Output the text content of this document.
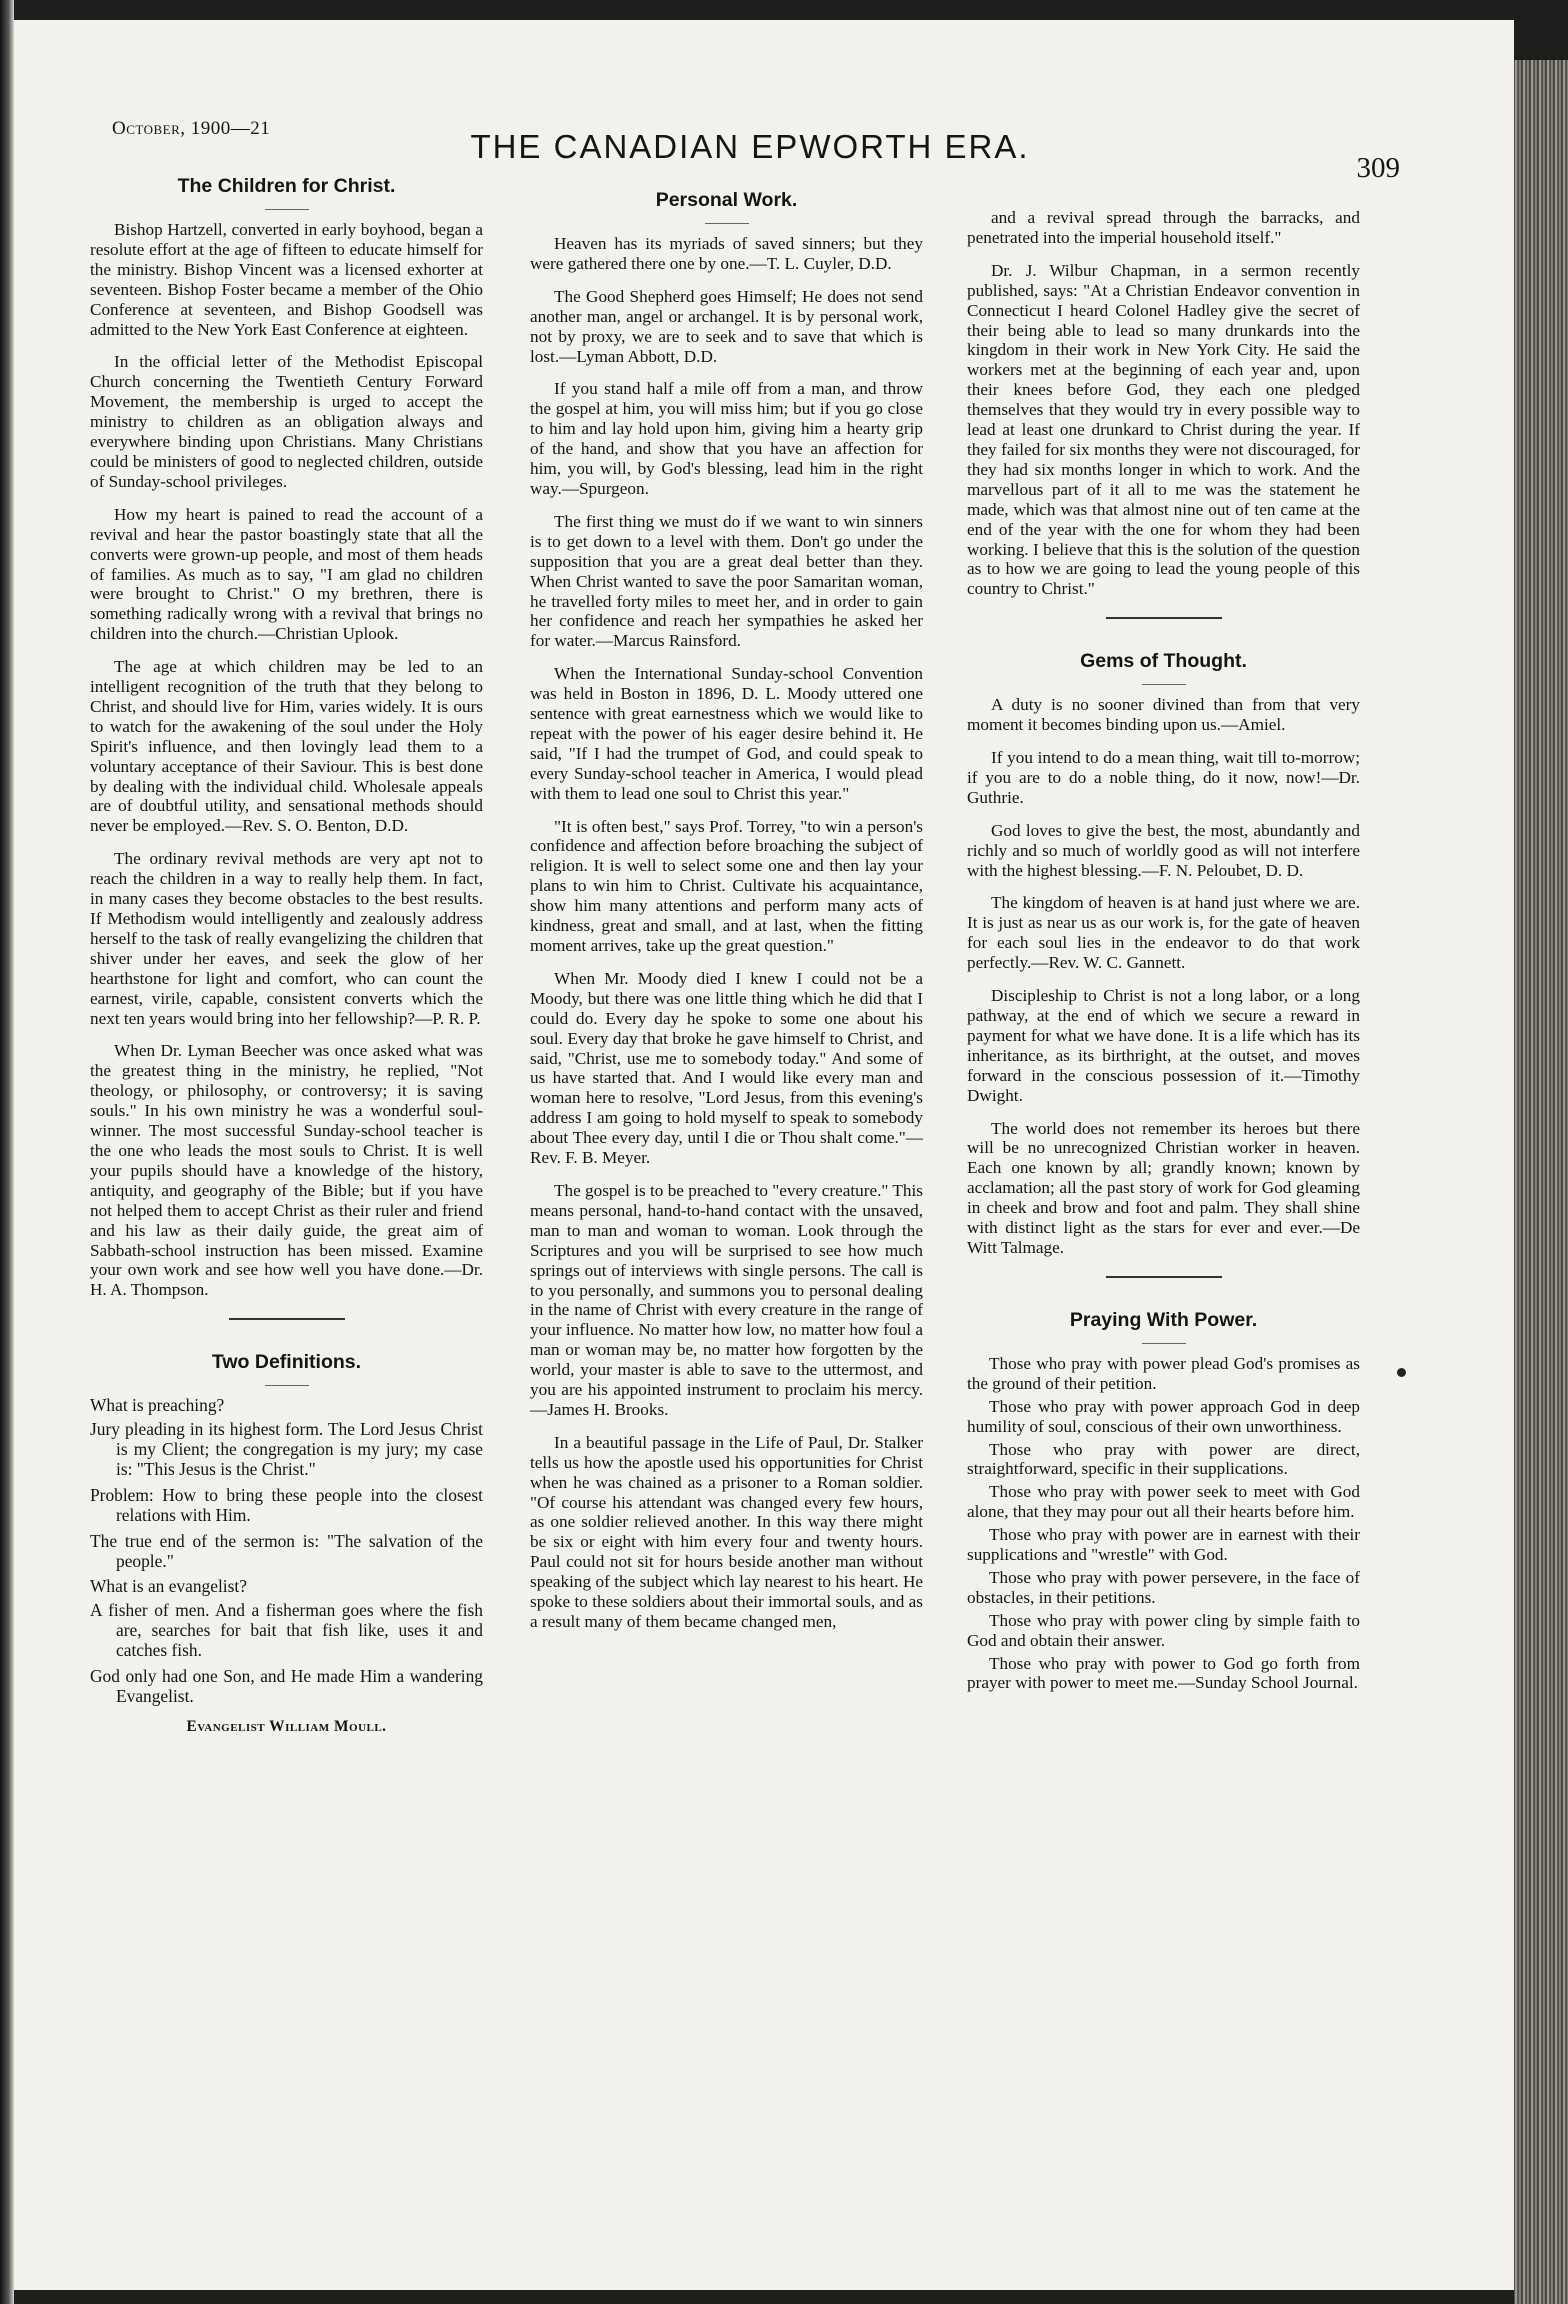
October, 1900—21	THE CANADIAN EPWORTH ERA.
309
The Children for Christ.

Bishop Hartzell, converted in early boyhood, began a resolute effort at the age of fifteen to educate himself for the ministry. Bishop Vincent was a licensed exhorter at seventeen. Bishop Foster became a member of the Ohio Conference at seventeen, and Bishop Goodsell was admitted to the New York East Conference at eighteen.

In the official letter of the Methodist Episcopal Church concerning the Twentieth Century Forward Movement, the membership is urged to accept the ministry to children as an obligation always and everywhere binding upon Christians. Many Christians could be ministers of good to neglected children, outside of Sunday-school privileges.

How my heart is pained to read the account of a revival and hear the pastor boastingly state that all the converts were grown-up people, and most of them heads of families. As much as to say, "I am glad no children were brought to Christ." O my brethren, there is something radically wrong with a revival that brings no children into the church.—Christian Uplook.

The age at which children may be led to an intelligent recognition of the truth that they belong to Christ, and should live for Him, varies widely. It is ours to watch for the awakening of the soul under the Holy Spirit's influence, and then lovingly lead them to a voluntary acceptance of their Saviour. This is best done by dealing with the individual child. Wholesale appeals are of doubtful utility, and sensational methods should never be employed.—Rev. S. O. Benton, D.D.

The ordinary revival methods are very apt not to reach the children in a way to really help them. In fact, in many cases they become obstacles to the best results. If Methodism would intelligently and zealously address herself to the task of really evangelizing the children that shiver under her eaves, and seek the glow of her hearthstone for light and comfort, who can count the earnest, virile, capable, consistent converts which the next ten years would bring into her fellowship?—P. R. P.

When Dr. Lyman Beecher was once asked what was the greatest thing in the ministry, he replied, "Not theology, or philosophy, or controversy; it is saving souls." In his own ministry he was a wonderful soul-winner. The most successful Sunday-school teacher is the one who leads the most souls to Christ. It is well your pupils should have a knowledge of the history, antiquity, and geography of the Bible; but if you have not helped them to accept Christ as their ruler and friend and his law as their daily guide, the great aim of Sabbath-school instruction has been missed. Examine your own work and see how well you have done.—Dr. H. A. Thompson.

Two Definitions.

What is preaching?

Jury pleading in its highest form. The Lord Jesus Christ is my Client; the congregation is my jury; my case is: "This Jesus is the Christ."

Problem: How to bring these people into the closest relations with Him.

The true end of the sermon is: "The salvation of the people."

What is an evangelist?

A fisher of men. And a fisherman goes where the fish are, searches for bait that fish like, uses it and catches fish.

God only had one Son, and He made Him a wandering Evangelist.

Evangelist William Moull.
Personal Work.

Heaven has its myriads of saved sinners; but they were gathered there one by one.—T. L. Cuyler, D.D.

The Good Shepherd goes Himself; He does not send another man, angel or archangel. It is by personal work, not by proxy, we are to seek and to save that which is lost.—Lyman Abbott, D.D.

If you stand half a mile off from a man, and throw the gospel at him, you will miss him; but if you go close to him and lay hold upon him, giving him a hearty grip of the hand, and show that you have an affection for him, you will, by God's blessing, lead him in the right way.—Spurgeon.

The first thing we must do if we want to win sinners is to get down to a level with them. Don't go under the supposition that you are a great deal better than they. When Christ wanted to save the poor Samaritan woman, he travelled forty miles to meet her, and in order to gain her confidence and reach her sympathies he asked her for water.—Marcus Rainsford.

When the International Sunday-school Convention was held in Boston in 1896, D. L. Moody uttered one sentence with great earnestness which we would like to repeat with the power of his eager desire behind it. He said, "If I had the trumpet of God, and could speak to every Sunday-school teacher in America, I would plead with them to lead one soul to Christ this year."

"It is often best," says Prof. Torrey, "to win a person's confidence and affection before broaching the subject of religion. It is well to select some one and then lay your plans to win him to Christ. Cultivate his acquaintance, show him many attentions and perform many acts of kindness, great and small, and at last, when the fitting moment arrives, take up the great question."

When Mr. Moody died I knew I could not be a Moody, but there was one little thing which he did that I could do. Every day he spoke to some one about his soul. Every day that broke he gave himself to Christ, and said, "Christ, use me to somebody today." And some of us have started that. And I would like every man and woman here to resolve, "Lord Jesus, from this evening's address I am going to hold myself to speak to somebody about Thee every day, until I die or Thou shalt come."—Rev. F. B. Meyer.

The gospel is to be preached to "every creature." This means personal, hand-to-hand contact with the unsaved, man to man and woman to woman. Look through the Scriptures and you will be surprised to see how much springs out of interviews with single persons. The call is to you personally, and summons you to personal dealing in the name of Christ with every creature in the range of your influence. No matter how low, no matter how foul a man or woman may be, no matter how forgotten by the world, your master is able to save to the uttermost, and you are his appointed instrument to proclaim his mercy.—James H. Brooks.

In a beautiful passage in the Life of Paul, Dr. Stalker tells us how the apostle used his opportunities for Christ when he was chained as a prisoner to a Roman soldier. "Of course his attendant was changed every few hours, as one soldier relieved another. In this way there might be six or eight with him every four and twenty hours. Paul could not sit for hours beside another man without speaking of the subject which lay nearest to his heart. He spoke to these soldiers about their immortal souls, and as a result many of them became changed men,

and a revival spread through the barracks, and penetrated into the imperial household itself."

Dr. J. Wilbur Chapman, in a sermon recently published, says: "At a Christian Endeavor convention in Connecticut I heard Colonel Hadley give the secret of their being able to lead so many drunkards into the kingdom in their work in New York City. He said the workers met at the beginning of each year and, upon their knees before God, they each one pledged themselves that they would try in every possible way to lead at least one drunkard to Christ during the year. If they failed for six months they were not discouraged, for they had six months longer in which to work. And the marvellous part of it all to me was the statement he made, which was that almost nine out of ten came at the end of the year with the one for whom they had been working. I believe that this is the solution of the question as to how we are going to lead the young people of this country to Christ."

Gems of Thought.

A duty is no sooner divined than from that very moment it becomes binding upon us.—Amiel.

If you intend to do a mean thing, wait till to-morrow; if you are to do a noble thing, do it now, now!—Dr. Guthrie.

God loves to give the best, the most, abundantly and richly and so much of worldly good as will not interfere with the highest blessing.—F. N. Peloubet, D. D.

The kingdom of heaven is at hand just where we are. It is just as near us as our work is, for the gate of heaven for each soul lies in the endeavor to do that work perfectly.—Rev. W. C. Gannett.

Discipleship to Christ is not a long labor, or a long pathway, at the end of which we secure a reward in payment for what we have done. It is a life which has its inheritance, as its birthright, at the outset, and moves forward in the conscious possession of it.—Timothy Dwight.

The world does not remember its heroes but there will be no unrecognized Christian worker in heaven. Each one known by all; grandly known; known by acclamation; all the past story of work for God gleaming in cheek and brow and foot and palm. They shall shine with distinct light as the stars for ever and ever.—De Witt Talmage.

Praying With Power.

Those who pray with power plead God's promises as the ground of their petition.

Those who pray with power approach God in deep humility of soul, conscious of their own unworthiness.

Those who pray with power are direct, straightforward, specific in their supplications.

Those who pray with power seek to meet with God alone, that they may pour out all their hearts before him.

Those who pray with power are in earnest with their supplications and "wrestle" with God.

Those who pray with power persevere, in the face of obstacles, in their petitions.

Those who pray with power cling by simple faith to God and obtain their answer.

Those who pray with power to God go forth from prayer with power to meet me.—Sunday School Journal.
